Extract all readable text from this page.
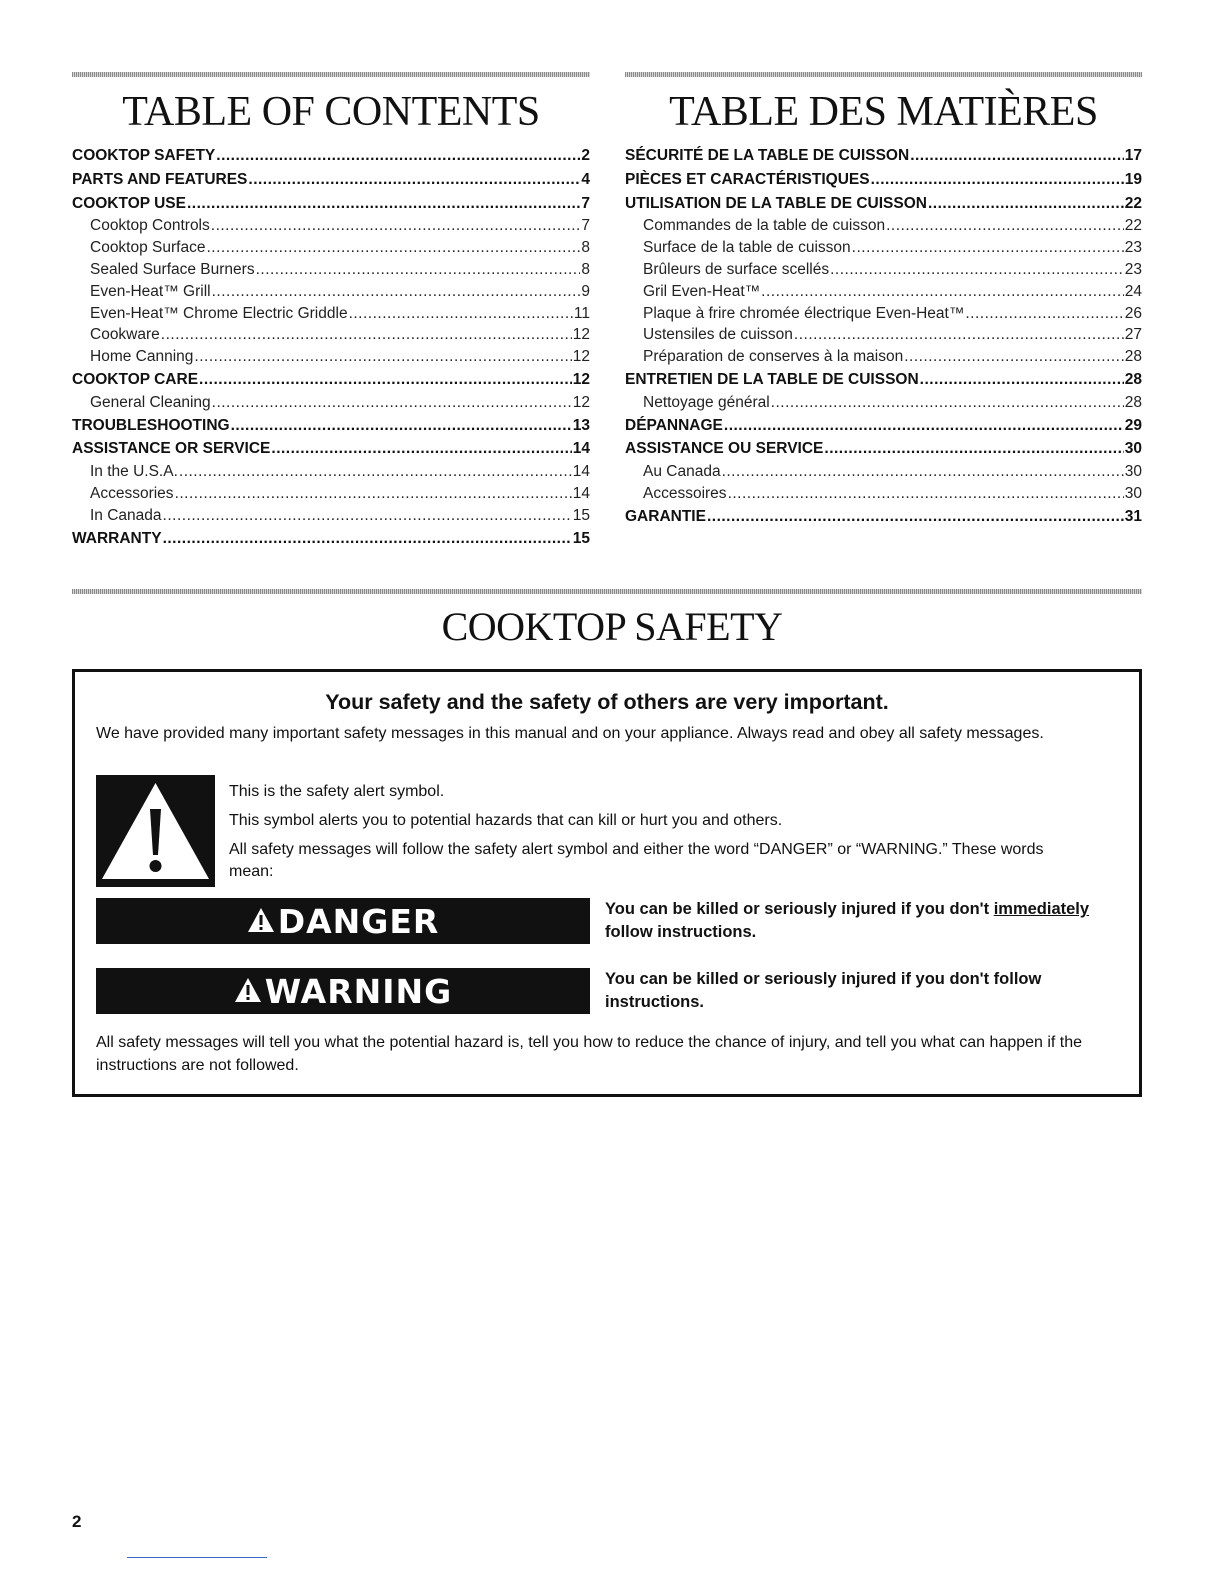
TABLE OF CONTENTS	TABLE DES MATIÈRES
COOKTOP SAFETY .....	2
PARTS AND FEATURES .....	4
COOKTOP USE .....	7
Cooktop Controls .....	7
Cooktop Surface .....	8
Sealed Surface Burners .....	8
Even-Heat™ Grill .....	9
Even-Heat™ Chrome Electric Griddle .....	11
Cookware .....	12
Home Canning .....	12
COOKTOP CARE .....	12
General Cleaning .....	12
TROUBLESHOOTING .....	13
ASSISTANCE OR SERVICE .....	14
In the U.S.A. .....	14
Accessories .....	14
In Canada .....	15
WARRANTY .....	15
SÉCURITÉ DE LA TABLE DE CUISSON .....	17
PIÈCES ET CARACTÉRISTIQUES .....	19
UTILISATION DE LA TABLE DE CUISSON .....	22
Commandes de la table de cuisson .....	22
Surface de la table de cuisson .....	23
Brûleurs de surface scellés .....	23
Gril Even-Heat™ .....	24
Plaque à frire chromée électrique Even-Heat™ .....	26
Ustensiles de cuisson .....	27
Préparation de conserves à la maison .....	28
ENTRETIEN DE LA TABLE DE CUISSON .....	28
Nettoyage général .....	28
DÉPANNAGE .....	29
ASSISTANCE OU SERVICE .....	30
Au Canada .....	30
Accessoires .....	30
GARANTIE .....	31
COOKTOP SAFETY
Your safety and the safety of others are very important.

We have provided many important safety messages in this manual and on your appliance. Always read and obey all safety messages.

This is the safety alert symbol.

This symbol alerts you to potential hazards that can kill or hurt you and others.

All safety messages will follow the safety alert symbol and either the word “DANGER” or “WARNING.” These words mean:

DANGER	You can be killed or seriously injured if you don't immediately follow instructions.

WARNING	You can be killed or seriously injured if you don't follow instructions.

All safety messages will tell you what the potential hazard is, tell you how to reduce the chance of injury, and tell you what can happen if the instructions are not followed.

2
